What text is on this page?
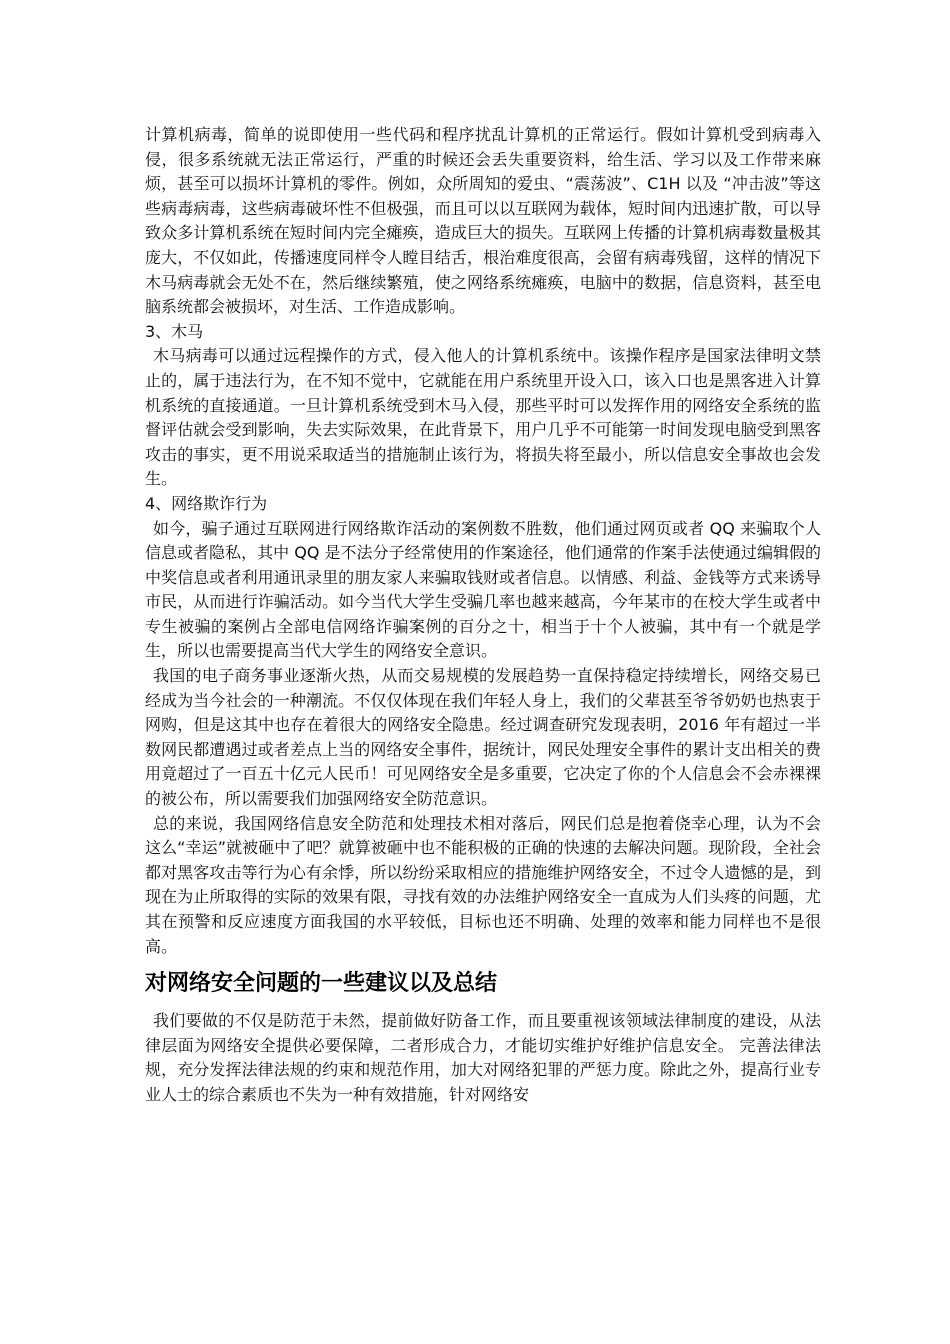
计算机病毒，简单的说即使用一些代码和程序扰乱计算机的正常运行。假如计算机受到病毒入侵，很多系统就无法正常运行，严重的时候还会丢失重要资料，给生活、学习以及工作带来麻烦，甚至可以损坏计算机的零件。例如，众所周知的爱虫、“震荡波”、C1H 以及 “冲击波”等这些病毒病毒，这些病毒破坏性不但极强，而且可以以互联网为载体，短时间内迅速扩散，可以导致众多计算机系统在短时间内完全瘫痪，造成巨大的损失。互联网上传播的计算机病毒数量极其庞大，不仅如此，传播速度同样令人瞠目结舌，根治难度很高，会留有病毒残留，这样的情况下木马病毒就会无处不在，然后继续繁殖，使之网络系统瘫痪，电脑中的数据，信息资料，甚至电脑系统都会被损坏，对生活、工作造成影响。

3、木马

木马病毒可以通过远程操作的方式，侵入他人的计算机系统中。该操作程序是国家法律明文禁止的，属于违法行为，在不知不觉中，它就能在用户系统里开设入口，该入口也是黑客进入计算机系统的直接通道。一旦计算机系统受到木马入侵，那些平时可以发挥作用的网络安全系统的监督评估就会受到影响，失去实际效果，在此背景下，用户几乎不可能第一时间发现电脑受到黑客攻击的事实，更不用说采取适当的措施制止该行为，将损失将至最小，所以信息安全事故也会发生。

4、网络欺诈行为

如今，骗子通过互联网进行网络欺诈活动的案例数不胜数，他们通过网页或者 QQ 来骗取个人信息或者隐私，其中 QQ 是不法分子经常使用的作案途径，他们通常的作案手法使通过编辑假的中奖信息或者利用通讯录里的朋友家人来骗取钱财或者信息。以情感、利益、金钱等方式来诱导市民，从而进行诈骗活动。如今当代大学生受骗几率也越来越高，今年某市的在校大学生或者中专生被骗的案例占全部电信网络诈骗案例的百分之十，相当于十个人被骗，其中有一个就是学生，所以也需要提高当代大学生的网络安全意识。

我国的电子商务事业逐渐火热，从而交易规模的发展趋势一直保持稳定持续增长，网络交易已经成为当今社会的一种潮流。不仅仅体现在我们年轻人身上，我们的父辈甚至爷爷奶奶也热衷于网购，但是这其中也存在着很大的网络安全隐患。经过调查研究发现表明，2016 年有超过一半数网民都遭遇过或者差点上当的网络安全事件，据统计，网民处理安全事件的累计支出相关的费用竟超过了一百五十亿元人民币！可见网络安全是多重要，它决定了你的个人信息会不会赤裸裸的被公布，所以需要我们加强网络安全防范意识。

总的来说，我国网络信息安全防范和处理技术相对落后，网民们总是抱着侥幸心理，认为不会这么“幸运”就被砸中了吧？就算被砸中也不能积极的正确的快速的去解决问题。现阶段，全社会都对黑客攻击等行为心有余悸，所以纷纷采取相应的措施维护网络安全，不过令人遗憾的是，到现在为止所取得的实际的效果有限，寻找有效的办法维护网络安全一直成为人们头疼的问题，尤其在预警和反应速度方面我国的水平较低，目标也还不明确、处理的效率和能力同样也不是很高。

对网络安全问题的一些建议以及总结

我们要做的不仅是防范于未然，提前做好防备工作，而且要重视该领域法律制度的建设，从法律层面为网络安全提供必要保障，二者形成合力，才能切实维护好维护信息安全。 完善法律法规，充分发挥法律法规的约束和规范作用，加大对网络犯罪的严惩力度。除此之外，提高行业专业人士的综合素质也不失为一种有效措施，针对网络安
